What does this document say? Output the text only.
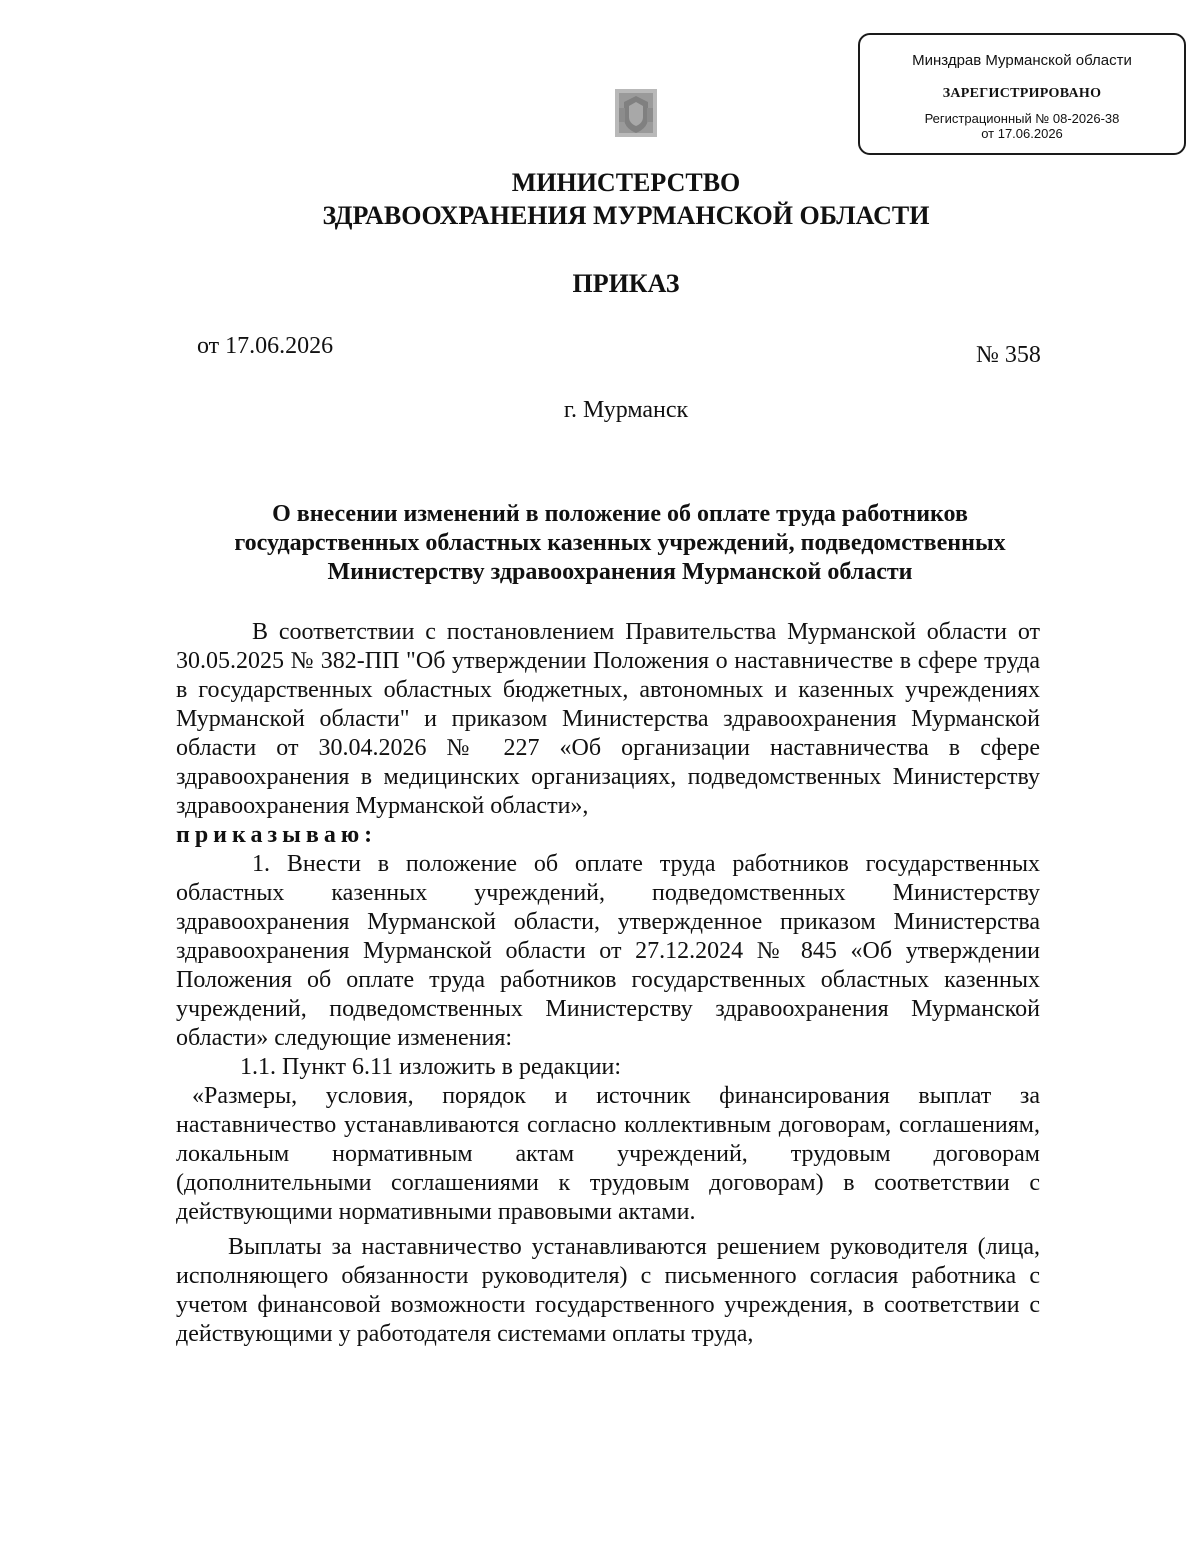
Минздрав Мурманской области
ЗАРЕГИСТРИРОВАНО
Регистрационный № 08-2026-38
от 17.06.2026
МИНИСТЕРСТВО
ЗДРАВООХРАНЕНИЯ МУРМАНСКОЙ ОБЛАСТИ
ПРИКАЗ
от 17.06.2026	№ 358
г. Мурманск
О внесении изменений в положение об оплате труда работников государственных областных казенных учреждений, подведомственных Министерству здравоохранения Мурманской области

В соответствии с постановлением Правительства Мурманской области от 30.05.2025 № 382-ПП "Об утверждении Положения о наставничестве в сфере труда в государственных областных бюджетных, автономных и казенных учреждениях Мурманской области" и приказом Министерства здравоохранения Мурманской области от 30.04.2026 № 227 «Об организации наставничества в сфере здравоохранения в медицинских организациях, подведомственных Министерству здравоохранения Мурманской области»,

приказываю:

1. Внести в положение об оплате труда работников государственных областных казенных учреждений, подведомственных Министерству здравоохранения Мурманской области, утвержденное приказом Министерства здравоохранения Мурманской области от 27.12.2024 № 845 «Об утверждении Положения об оплате труда работников государственных областных казенных учреждений, подведомственных Министерству здравоохранения Мурманской области» следующие изменения:

1.1. Пункт 6.11 изложить в редакции:

«Размеры, условия, порядок и источник финансирования выплат за наставничество устанавливаются согласно коллективным договорам, соглашениям, локальным нормативным актам учреждений, трудовым договорам (дополнительными соглашениями к трудовым договорам) в соответствии с действующими нормативными правовыми актами.

Выплаты за наставничество устанавливаются решением руководителя (лица, исполняющего обязанности руководителя) с письменного согласия работника с учетом финансовой возможности государственного учреждения, в соответствии с действующими у работодателя системами оплаты труда,
